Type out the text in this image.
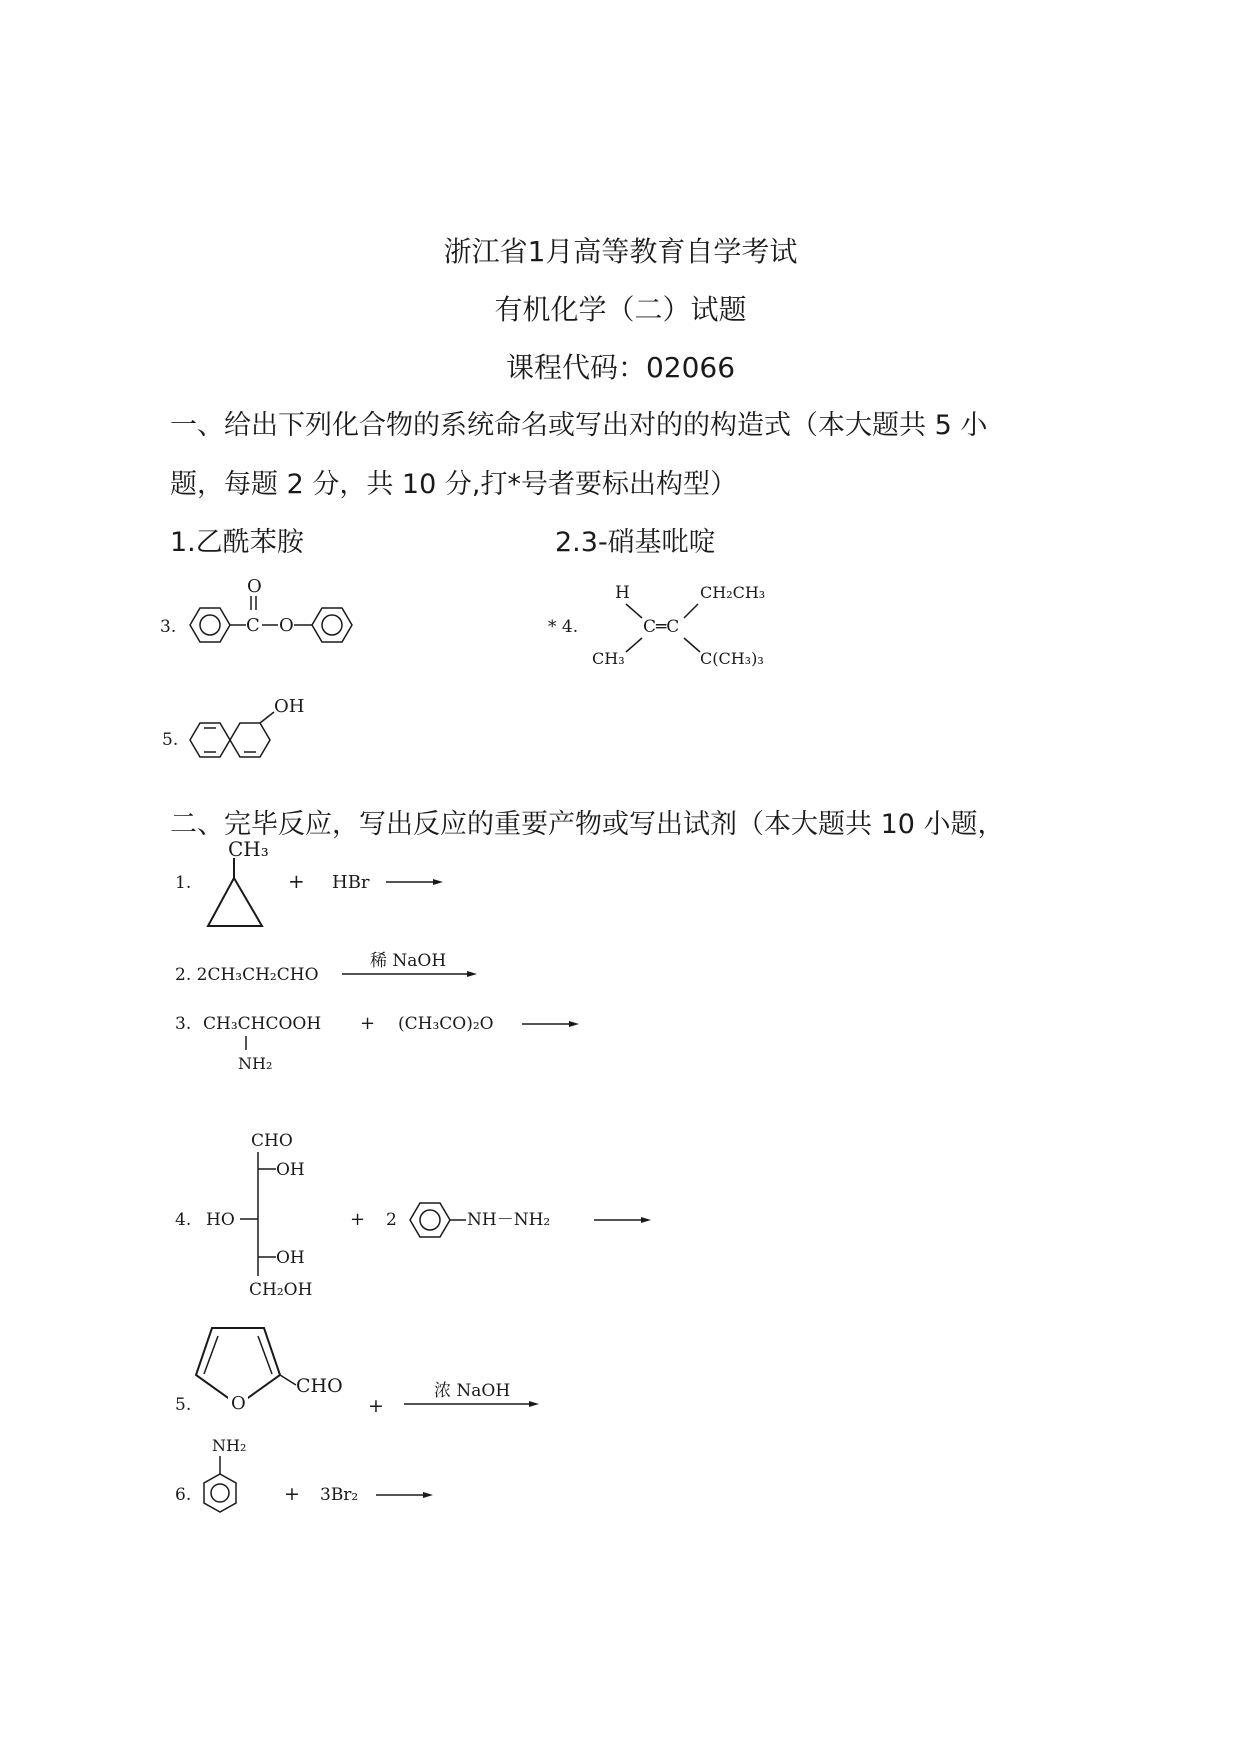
浙江省1月高等教育自学考试
有机化学（二）试题
课程代码：02066
一、给出下列化合物的系统命名或写出对的的构造式（本大题共 5 小
题，每题 2 分，共 10 分,打*号者要标出构型）
1.乙酰苯胺	2.3-硝基吡啶
二、完毕反应，写出反应的重要产物或写出试剂（本大题共 10 小题，
3.	C
O
O	* 4.
H	CH₂CH₃
C═C
CH₃	C(CH₃)₃
5.
OH
1.
CH₃
+ HBr
2. 2CH₃CH₂CHO
稀 NaOH
3. CH₃CHCOOH
NH₂
+ (CH₃CO)₂O
CHO
OH
4. HO
OH
CH₂OH
+ 2	NH－NH₂
5. O
CHO
+
浓 NaOH
NH₂
6.	+ 3Br₂
